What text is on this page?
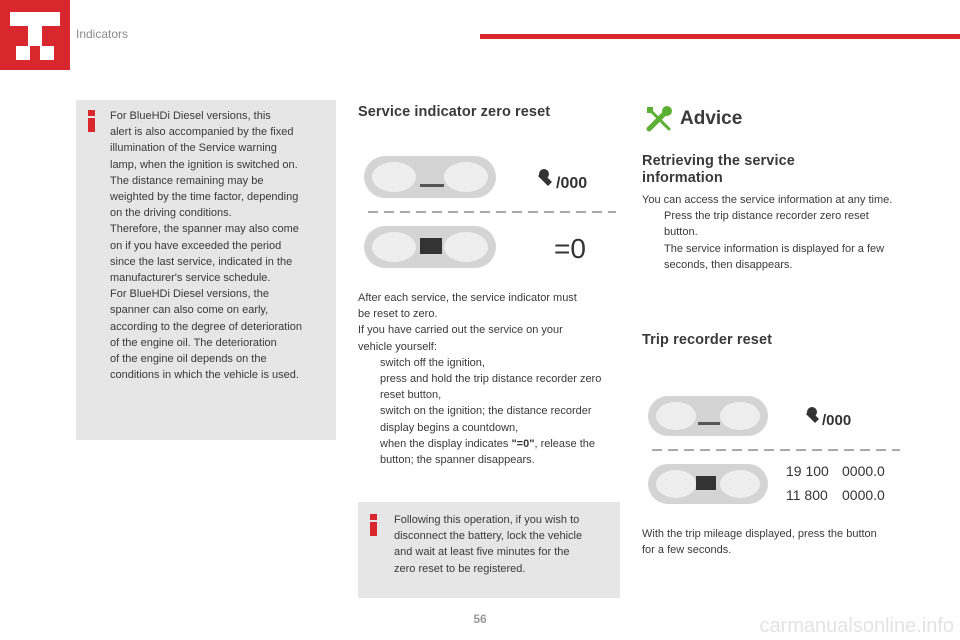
Indicators
For BlueHDi Diesel versions, this
alert is also accompanied by the fixed
illumination of the Service warning
lamp, when the ignition is switched on.
The distance remaining may be
weighted by the time factor, depending
on the driving conditions.
Therefore, the spanner may also come
on if you have exceeded the period
since the last service, indicated in the
manufacturer's service schedule.
For BlueHDi Diesel versions, the
spanner can also come on early,
according to the degree of deterioration
of the engine oil. The deterioration
of the engine oil depends on the
conditions in which the vehicle is used.
Service indicator zero reset
/000
=0
After each service, the service indicator must
be reset to zero.
If you have carried out the service on your
vehicle yourself:
switch off the ignition,
press and hold the trip distance recorder zero reset button,
switch on the ignition; the distance recorder display begins a countdown,
when the display indicates "=0", release the button; the spanner disappears.
Following this operation, if you wish to
disconnect the battery, lock the vehicle
and wait at least five minutes for the
zero reset to be registered.
Advice
Retrieving the service information
You can access the service information at any time.
Press the trip distance recorder zero reset button.
The service information is displayed for a few seconds, then disappears.
Trip recorder reset
/000
19 100 0000.0
11 800 0000.0
With the trip mileage displayed, press the button for a few seconds.
56	carmanualsonline.info
